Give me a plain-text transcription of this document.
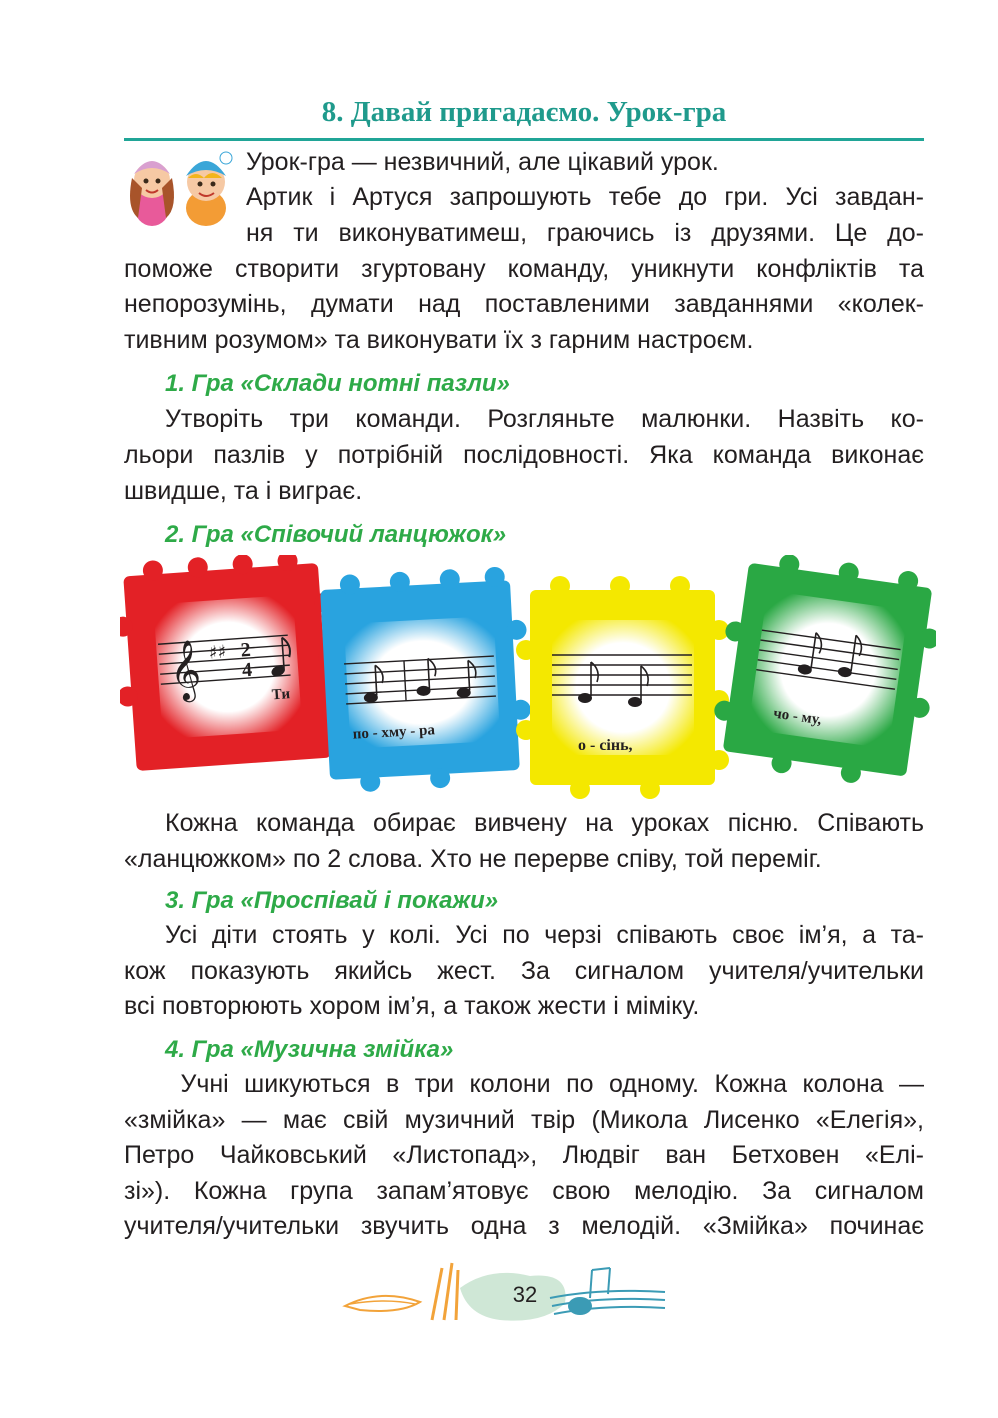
8. Давай пригадаємо. Урок-гра

Урок-гра — незвичний, але цікавий урок.

Артик і Артуся запрошують тебе до гри. Усі завдан-

ня ти виконуватимеш, граючись із друзями. Це до-

поможе створити згуртовану команду, уникнути конфліктів та

непорозумінь, думати над поставленими завданнями «колек-

тивним розумом» та виконувати їх з гарним настроєм.

1. Гра «Склади нотні пазли»

Утворіть три команди. Розгляньте малюнки. Назвіть ко-

льори пазлів у потрібній послідовності. Яка команда виконає

швидше, та і виграє.

2. Гра «Співочий ланцюжок»
𝄞 ♯♯ 2
4
Ти
по - хму - ра
о - сінь,
чо - му,

Кожна команда обирає вивчену на уроках пісню. Співають

«ланцюжком» по 2 слова. Хто не перерве співу, той переміг.

3. Гра «Проспівай і покажи»

Усі діти стоять у колі. Усі по черзі співають своє ім’я, а та-

кож показують якийсь жест. За сигналом учителя/учительки

всі повторюють хором ім’я, а також жести і міміку.

4. Гра «Музична змійка»

Учні шикуються в три колони по одному. Кожна колона —

«змійка» — має свій музичний твір (Микола Лисенко «Елегія»,

Петро Чайковський «Листопад», Людвіг ван Бетховен «Елі-

зі»). Кожна група запам’ятовує свою мелодію. За сигналом

учителя/учительки звучить одна з мелодій. «Змійка» починає

32
